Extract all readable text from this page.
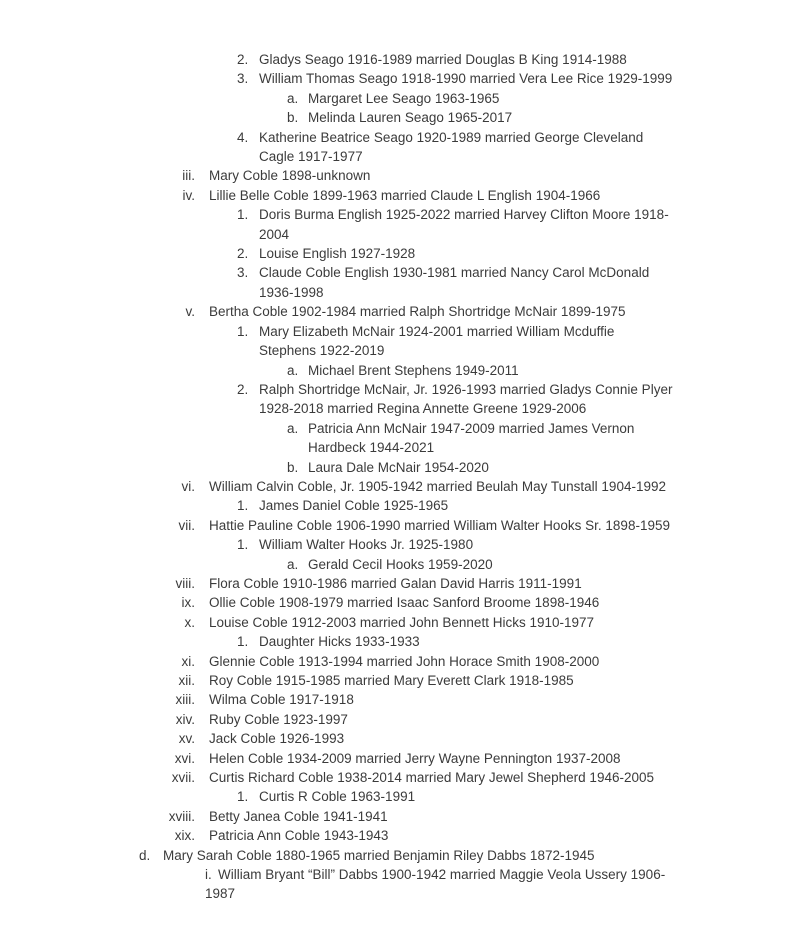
2. Gladys Seago 1916-1989 married Douglas B King 1914-1988
3. William Thomas Seago 1918-1990 married Vera Lee Rice 1929-1999
a. Margaret Lee Seago 1963-1965
b. Melinda Lauren Seago 1965-2017
4. Katherine Beatrice Seago 1920-1989 married George Cleveland
Cagle 1917-1977
iii.	Mary Coble 1898-unknown
iv.	Lillie Belle Coble 1899-1963 married Claude L English 1904-1966
1. Doris Burma English 1925-2022 married Harvey Clifton Moore 1918-
2004
2. Louise English 1927-1928
3. Claude Coble English 1930-1981 married Nancy Carol McDonald
1936-1998
v.	Bertha Coble 1902-1984 married Ralph Shortridge McNair 1899-1975
1. Mary Elizabeth McNair 1924-2001 married William Mcduffie
Stephens 1922-2019
a. Michael Brent Stephens 1949-2011
2. Ralph Shortridge McNair, Jr. 1926-1993 married Gladys Connie Plyer
1928-2018 married Regina Annette Greene 1929-2006
a. Patricia Ann McNair 1947-2009 married James Vernon
Hardbeck 1944-2021
b. Laura Dale McNair 1954-2020
vi.	William Calvin Coble, Jr. 1905-1942 married Beulah May Tunstall 1904-1992
1. James Daniel Coble 1925-1965
vii.	Hattie Pauline Coble 1906-1990 married William Walter Hooks Sr. 1898-1959
1. William Walter Hooks Jr. 1925-1980
a. Gerald Cecil Hooks 1959-2020
viii.	Flora Coble 1910-1986 married Galan David Harris 1911-1991
ix.	Ollie Coble 1908-1979 married Isaac Sanford Broome 1898-1946
x.	Louise Coble 1912-2003 married John Bennett Hicks 1910-1977
1. Daughter Hicks 1933-1933
xi.	Glennie Coble 1913-1994 married John Horace Smith 1908-2000
xii.	Roy Coble 1915-1985 married Mary Everett Clark 1918-1985
xiii.	Wilma Coble 1917-1918
xiv.	Ruby Coble 1923-1997
xv.	Jack Coble 1926-1993
xvi.	Helen Coble 1934-2009 married Jerry Wayne Pennington 1937-2008
xvii.	Curtis Richard Coble 1938-2014 married Mary Jewel Shepherd 1946-2005
1. Curtis R Coble 1963-1991
xviii.	Betty Janea Coble 1941-1941
xix.	Patricia Ann Coble 1943-1943
d. Mary Sarah Coble 1880-1965 married Benjamin Riley Dabbs 1872-1945
i. William Bryant “Bill” Dabbs 1900-1942 married Maggie Veola Ussery 1906-
1987
